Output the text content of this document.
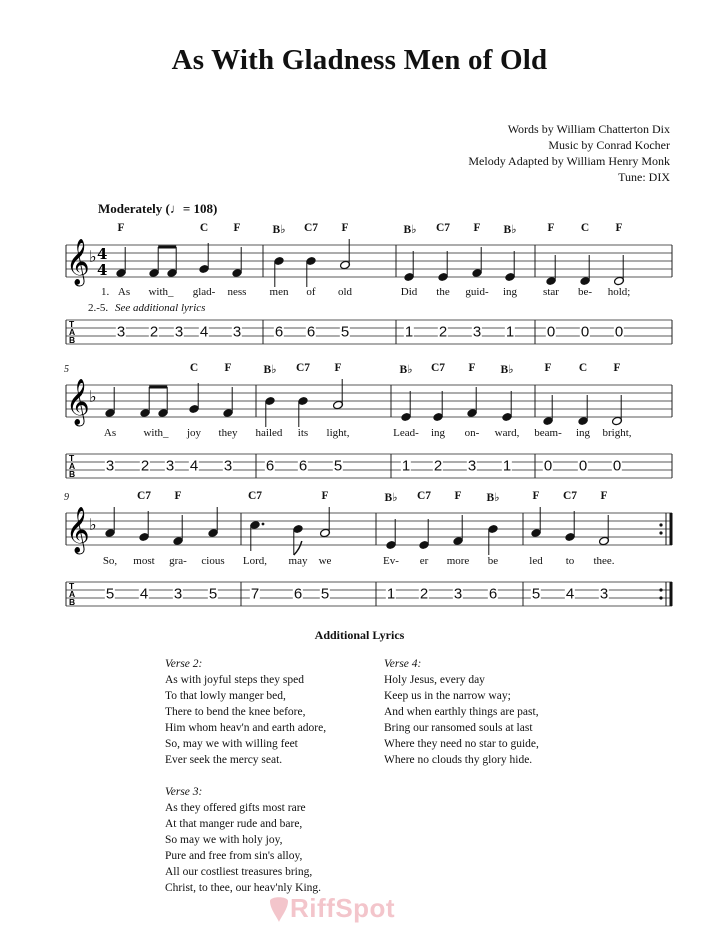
As With Gladness Men of Old
Words by William Chatterton Dix
Music by Conrad Kocher
Melody Adapted by William Henry Monk
Tune: DIX
Moderately (♩= 108)
𝄞 ♭ 4
4
T
A
B
𝄞 ♭
T
A
B
𝄞 ♭
T
A
B
F	C F	B♭ C7 F	B♭ C7 F B♭	F C F
1. As with_ glad- ness men of old	Did the guid- ing star be- hold;
2.-5. See additional lyrics
5	C F	B♭ C7 F	B♭ C7 F B♭	F C F
As with_ joy they hailed its light,	Lead- ing on- ward, beam- ing bright,
9	C7 F	C7	F	B♭ C7 F B♭	F C7 F
So, most gra- cious Lord, may we	Ev- er more be	led to thee.
3 2 3 4 3 6 6 5	1 2 3 1 0 0 0
3 2 3 4 3 6 6 5	1 2 3 1 0 0 0
5 4 3 5 7 6 5	1 2 3 6 5 4 3
Additional Lyrics
Verse 2:
As with joyful steps they sped
To that lowly manger bed,
There to bend the knee before,
Him whom heav'n and earth adore,
So, may we with willing feet
Ever seek the mercy seat.
Verse 3:
As they offered gifts most rare
At that manger rude and bare,
So may we with holy joy,
Pure and free from sin's alloy,
All our costliest treasures bring,
Christ, to thee, our heav'nly King.
Verse 4:
Holy Jesus, every day
Keep us in the narrow way;
And when earthly things are past,
Bring our ransomed souls at last
Where they need no star to guide,
Where no clouds thy glory hide.
RiffSpot
